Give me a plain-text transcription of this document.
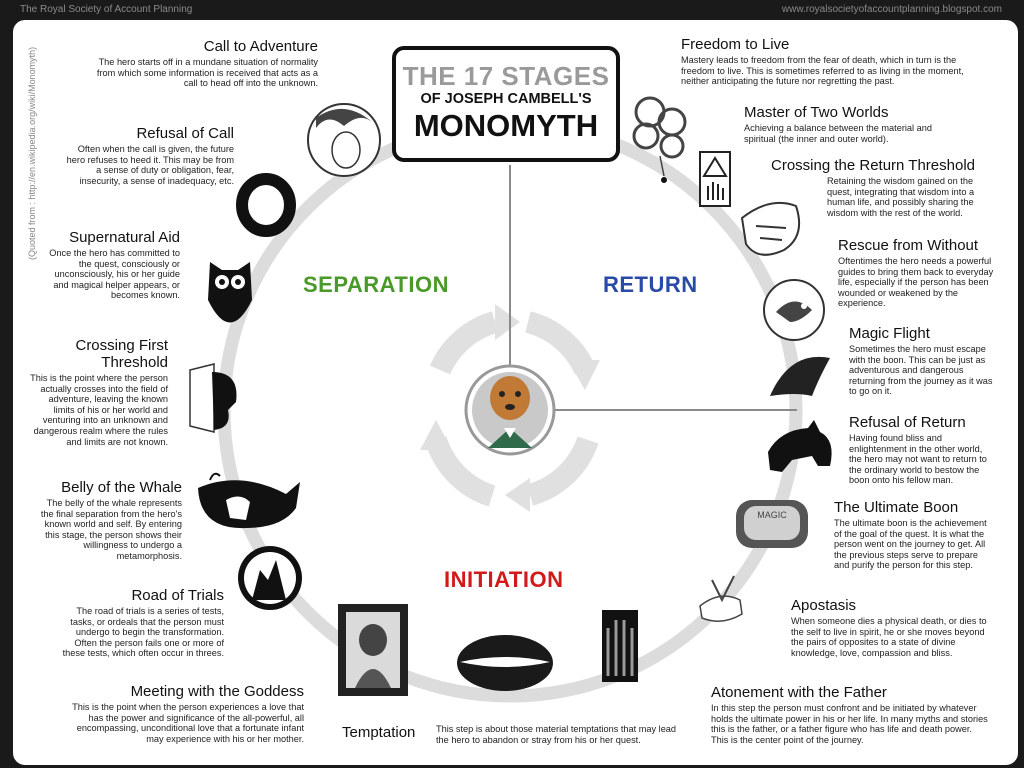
The Royal Society of Account Planning	www.royalsocietyofaccountplanning.blogspot.com
(Quoted from : http://en.wikipedia.org/wiki/Monomyth)
MAGIC
THE 17 STAGES
OF JOSEPH CAMBELL'S
MONOMYTH
SEPARATION	RETURN
INITIATION
Call to Adventure
The hero starts off in a mundane situation of normality from which some information is received that acts as a call to head off into the unknown.
Refusal of Call
Often when the call is given, the future hero refuses to heed it. This may be from a sense of duty or obligation, fear, insecurity, a sense of inadequacy, etc.
Supernatural Aid
Once the hero has committed to the quest, consciously or unconsciously, his or her guide and magical helper appears, or becomes known.
Crossing First Threshold
This is the point where the person actually crosses into the field of adventure, leaving the known limits of his or her world and venturing into an unknown and dangerous realm where the rules and limits are not known.
Belly of the Whale
The belly of the whale represents the final separation from the hero's known world and self. By entering this stage, the person shows their willingness to undergo a metamorphosis.
Road of Trials
The road of trials is a series of tests, tasks, or ordeals that the person must undergo to begin the transformation. Often the person fails one or more of these tests, which often occur in threes.
Meeting with the Goddess
This is the point when the person experiences a love that has the power and significance of the all-powerful, all encompassing, unconditional love that a fortunate infant may experience with his or her mother.	Temptation	This step is about those material temptations that may lead the hero to abandon or stray from his or her quest.
Atonement with the Father
In this step the person must confront and be initiated by whatever holds the ultimate power in his or her life. In many myths and stories this is the father, or a father figure who has life and death power. This is the center point of the journey.
Apostasis
When someone dies a physical death, or dies to the self to live in spirit, he or she moves beyond the pairs of opposites to a state of divine knowledge, love, compassion and bliss.
The Ultimate Boon
The ultimate boon is the achievement of the goal of the quest. It is what the person went on the journey to get. All the previous steps serve to prepare and purify the person for this step.
Refusal of Return
Having found bliss and enlightenment in the other world, the hero may not want to return to the ordinary world to bestow the boon onto his fellow man.
Magic Flight
Sometimes the hero must escape with the boon. This can be just as adventurous and dangerous returning from the journey as it was to go on it.
Rescue from Without
Oftentimes the hero needs a powerful guides to bring them back to everyday life, especially if the person has been wounded or weakened by the experience.
Crossing the Return Threshold
Retaining the wisdom gained on the quest, integrating that wisdom into a human life, and possibly sharing the wisdom with the rest of the world.
Master of Two Worlds
Achieving a balance between the material and spiritual (the inner and outer world).
Freedom to Live
Mastery leads to freedom from the fear of death, which in turn is the freedom to live. This is sometimes referred to as living in the moment, neither anticipating the future nor regretting the past.
